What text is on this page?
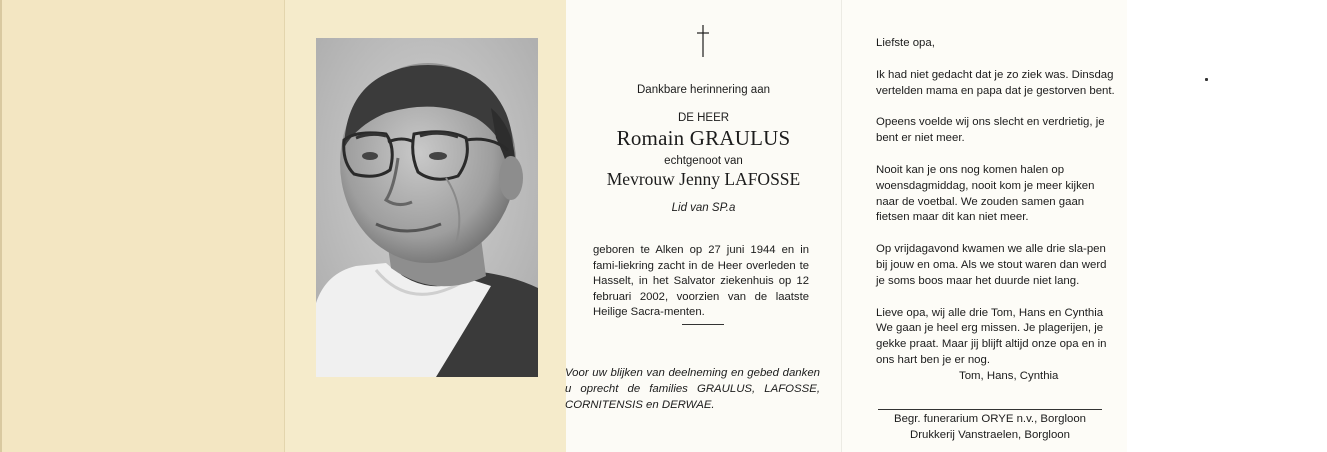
Dankbare herinnering aan

DE HEER

Romain GRAULUS

echtgenoot van

Mevrouw Jenny LAFOSSE

Lid van SP.a

geboren te Alken op 27 juni 1944 en in fami-liekring zacht in de Heer overleden te Hasselt, in het Salvator ziekenhuis op 12 februari 2002, voorzien van de laatste Heilige Sacra-menten.

Voor uw blijken van deelneming en gebed danken u oprecht de families GRAULUS, LAFOSSE, CORNITENSIS en DERWAE.

Liefste opa,

Ik had niet gedacht dat je zo ziek was. Dinsdag vertelden mama en papa dat je gestorven bent.

Opeens voelde wij ons slecht en verdrietig, je bent er niet meer.

Nooit kan je ons nog komen halen op woensdagmiddag, nooit kom je meer kijken naar de voetbal. We zouden samen gaan fietsen maar dit kan niet meer.

Op vrijdagavond kwamen we alle drie sla-pen bij jouw en oma. Als we stout waren dan werd je soms boos maar het duurde niet lang.

Lieve opa, wij alle drie Tom, Hans en Cynthia We gaan je heel erg missen. Je plagerijen, je gekke praat. Maar jij blijft altijd onze opa en in ons hart ben je er nog.

Tom, Hans, Cynthia

Begr. funerarium ORYE n.v., Borgloon
Drukkerij Vanstraelen, Borgloon
